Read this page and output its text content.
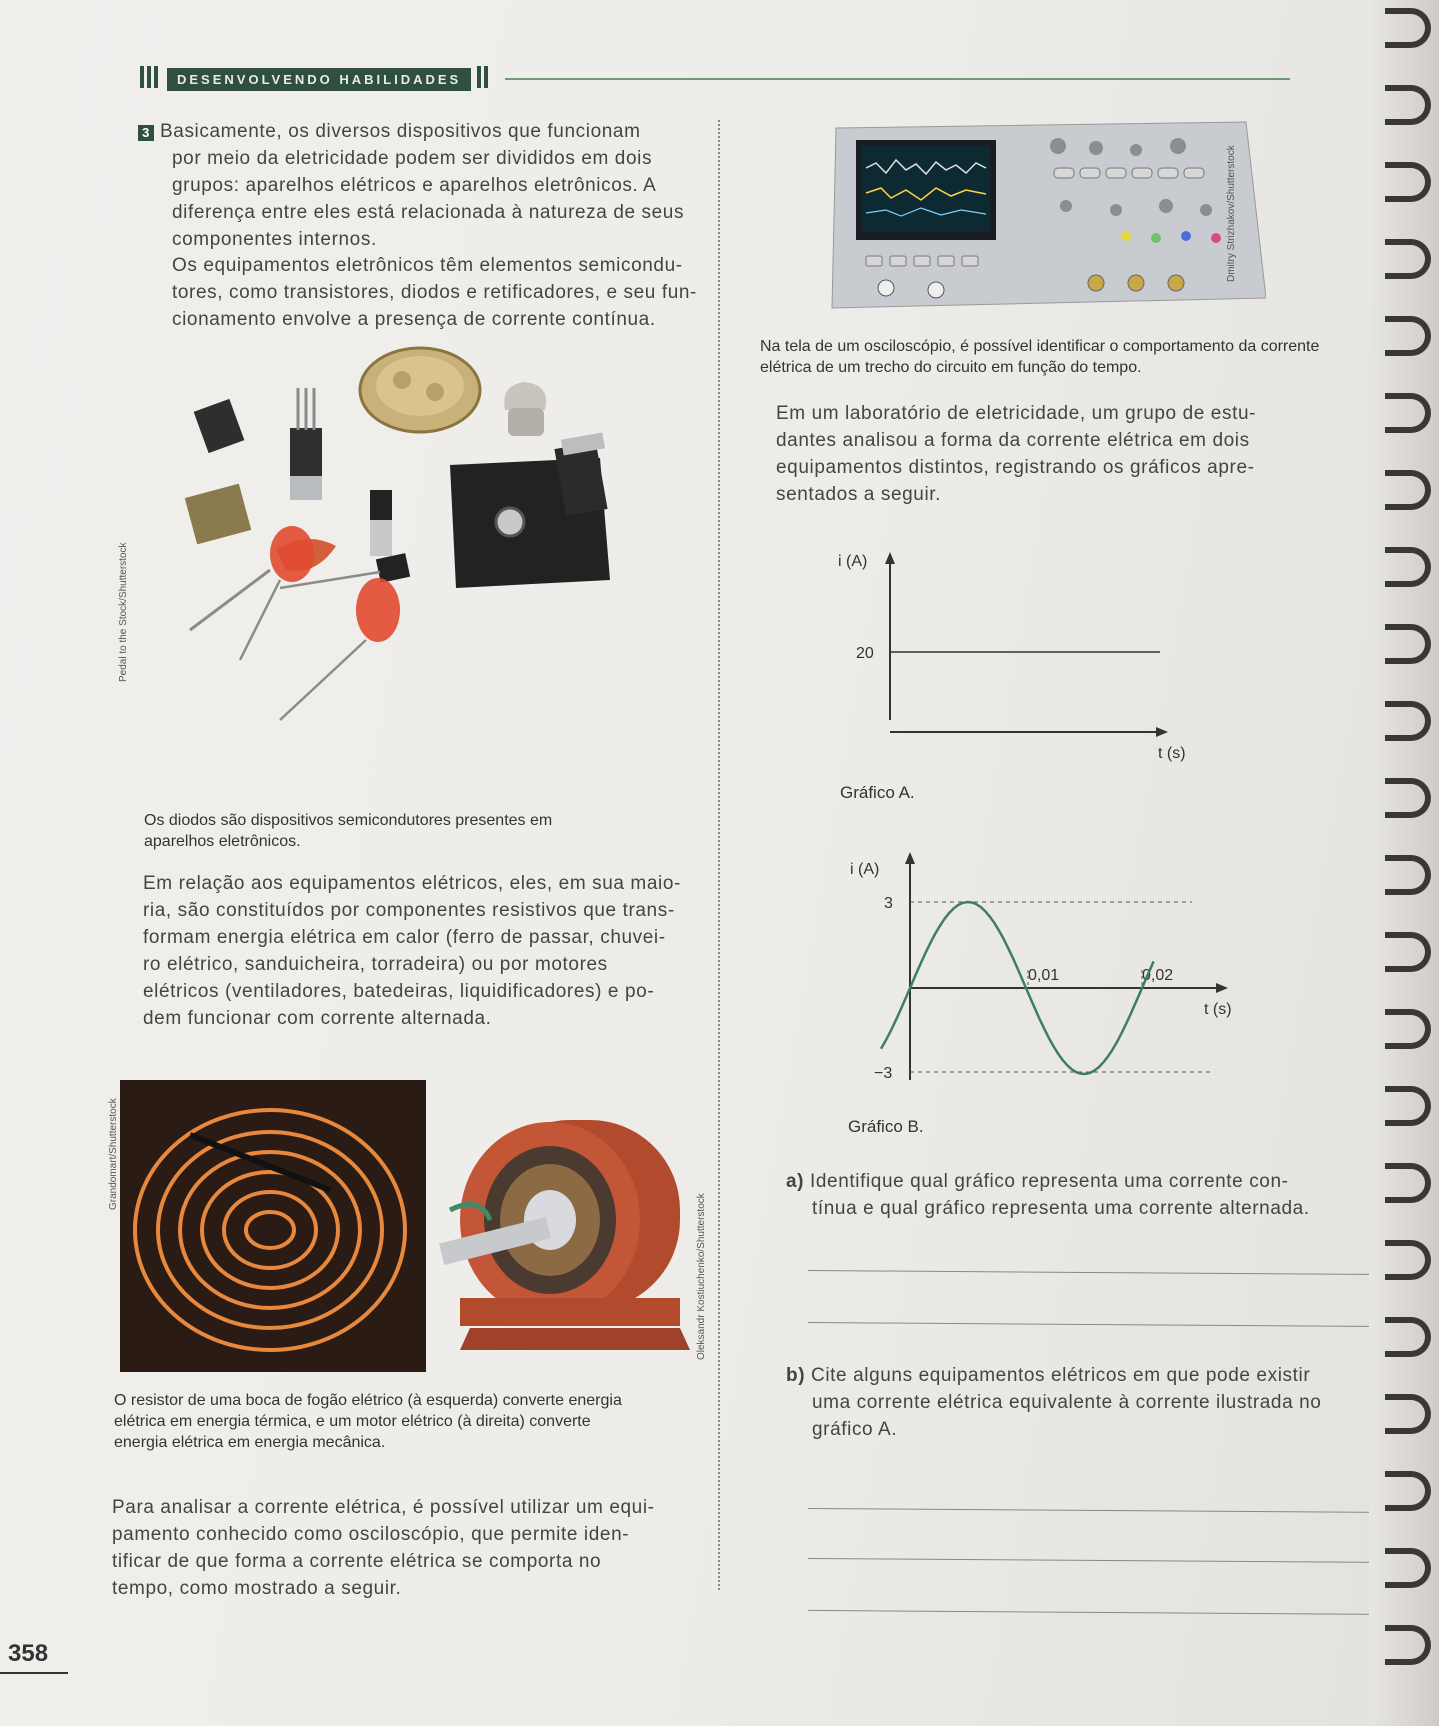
DESENVOLVENDO HABILIDADES

3 Basicamente, os diversos dispositivos que funcionam

por meio da eletricidade podem ser divididos em dois

grupos: aparelhos elétricos e aparelhos eletrônicos. A

diferença entre eles está relacionada à natureza de seus

componentes internos.

Os equipamentos eletrônicos têm elementos semicondu-

tores, como transistores, diodos e retificadores, e seu fun-

cionamento envolve a presença de corrente contínua.

Dmitry Strizhakov/Shutterstock

Na tela de um osciloscópio, é possível identificar o comportamento da corrente

elétrica de um trecho do circuito em função do tempo.

Em um laboratório de eletricidade, um grupo de estu-

dantes analisou a forma da corrente elétrica em dois

equipamentos distintos, registrando os gráficos apre-

sentados a seguir.

Pedal to the Stock/Shutterstock

Os diodos são dispositivos semicondutores presentes em

aparelhos eletrônicos.

Em relação aos equipamentos elétricos, eles, em sua maio-

ria, são constituídos por componentes resistivos que trans-

formam energia elétrica em calor (ferro de passar, chuvei-

ro elétrico, sanduicheira, torradeira) ou por motores

elétricos (ventiladores, batedeiras, liquidificadores) e po-

dem funcionar com corrente alternada.

Grandomart/Shutterstock
Oleksandr Kostiuchenko/Shutterstock

O resistor de uma boca de fogão elétrico (à esquerda) converte energia

elétrica em energia térmica, e um motor elétrico (à direita) converte

energia elétrica em energia mecânica.

Para analisar a corrente elétrica, é possível utilizar um equi-

pamento conhecido como osciloscópio, que permite iden-

tificar de que forma a corrente elétrica se comporta no

tempo, como mostrado a seguir.

i (A)
t (s)
20
Gráfico A.
i (A)
t (s)
3
−3
0,01	0,02
Gráfico B.

a) Identifique qual gráfico representa uma corrente con-

tínua e qual gráfico representa uma corrente alternada.

b) Cite alguns equipamentos elétricos em que pode existir

uma corrente elétrica equivalente à corrente ilustrada no

gráfico A.

358
